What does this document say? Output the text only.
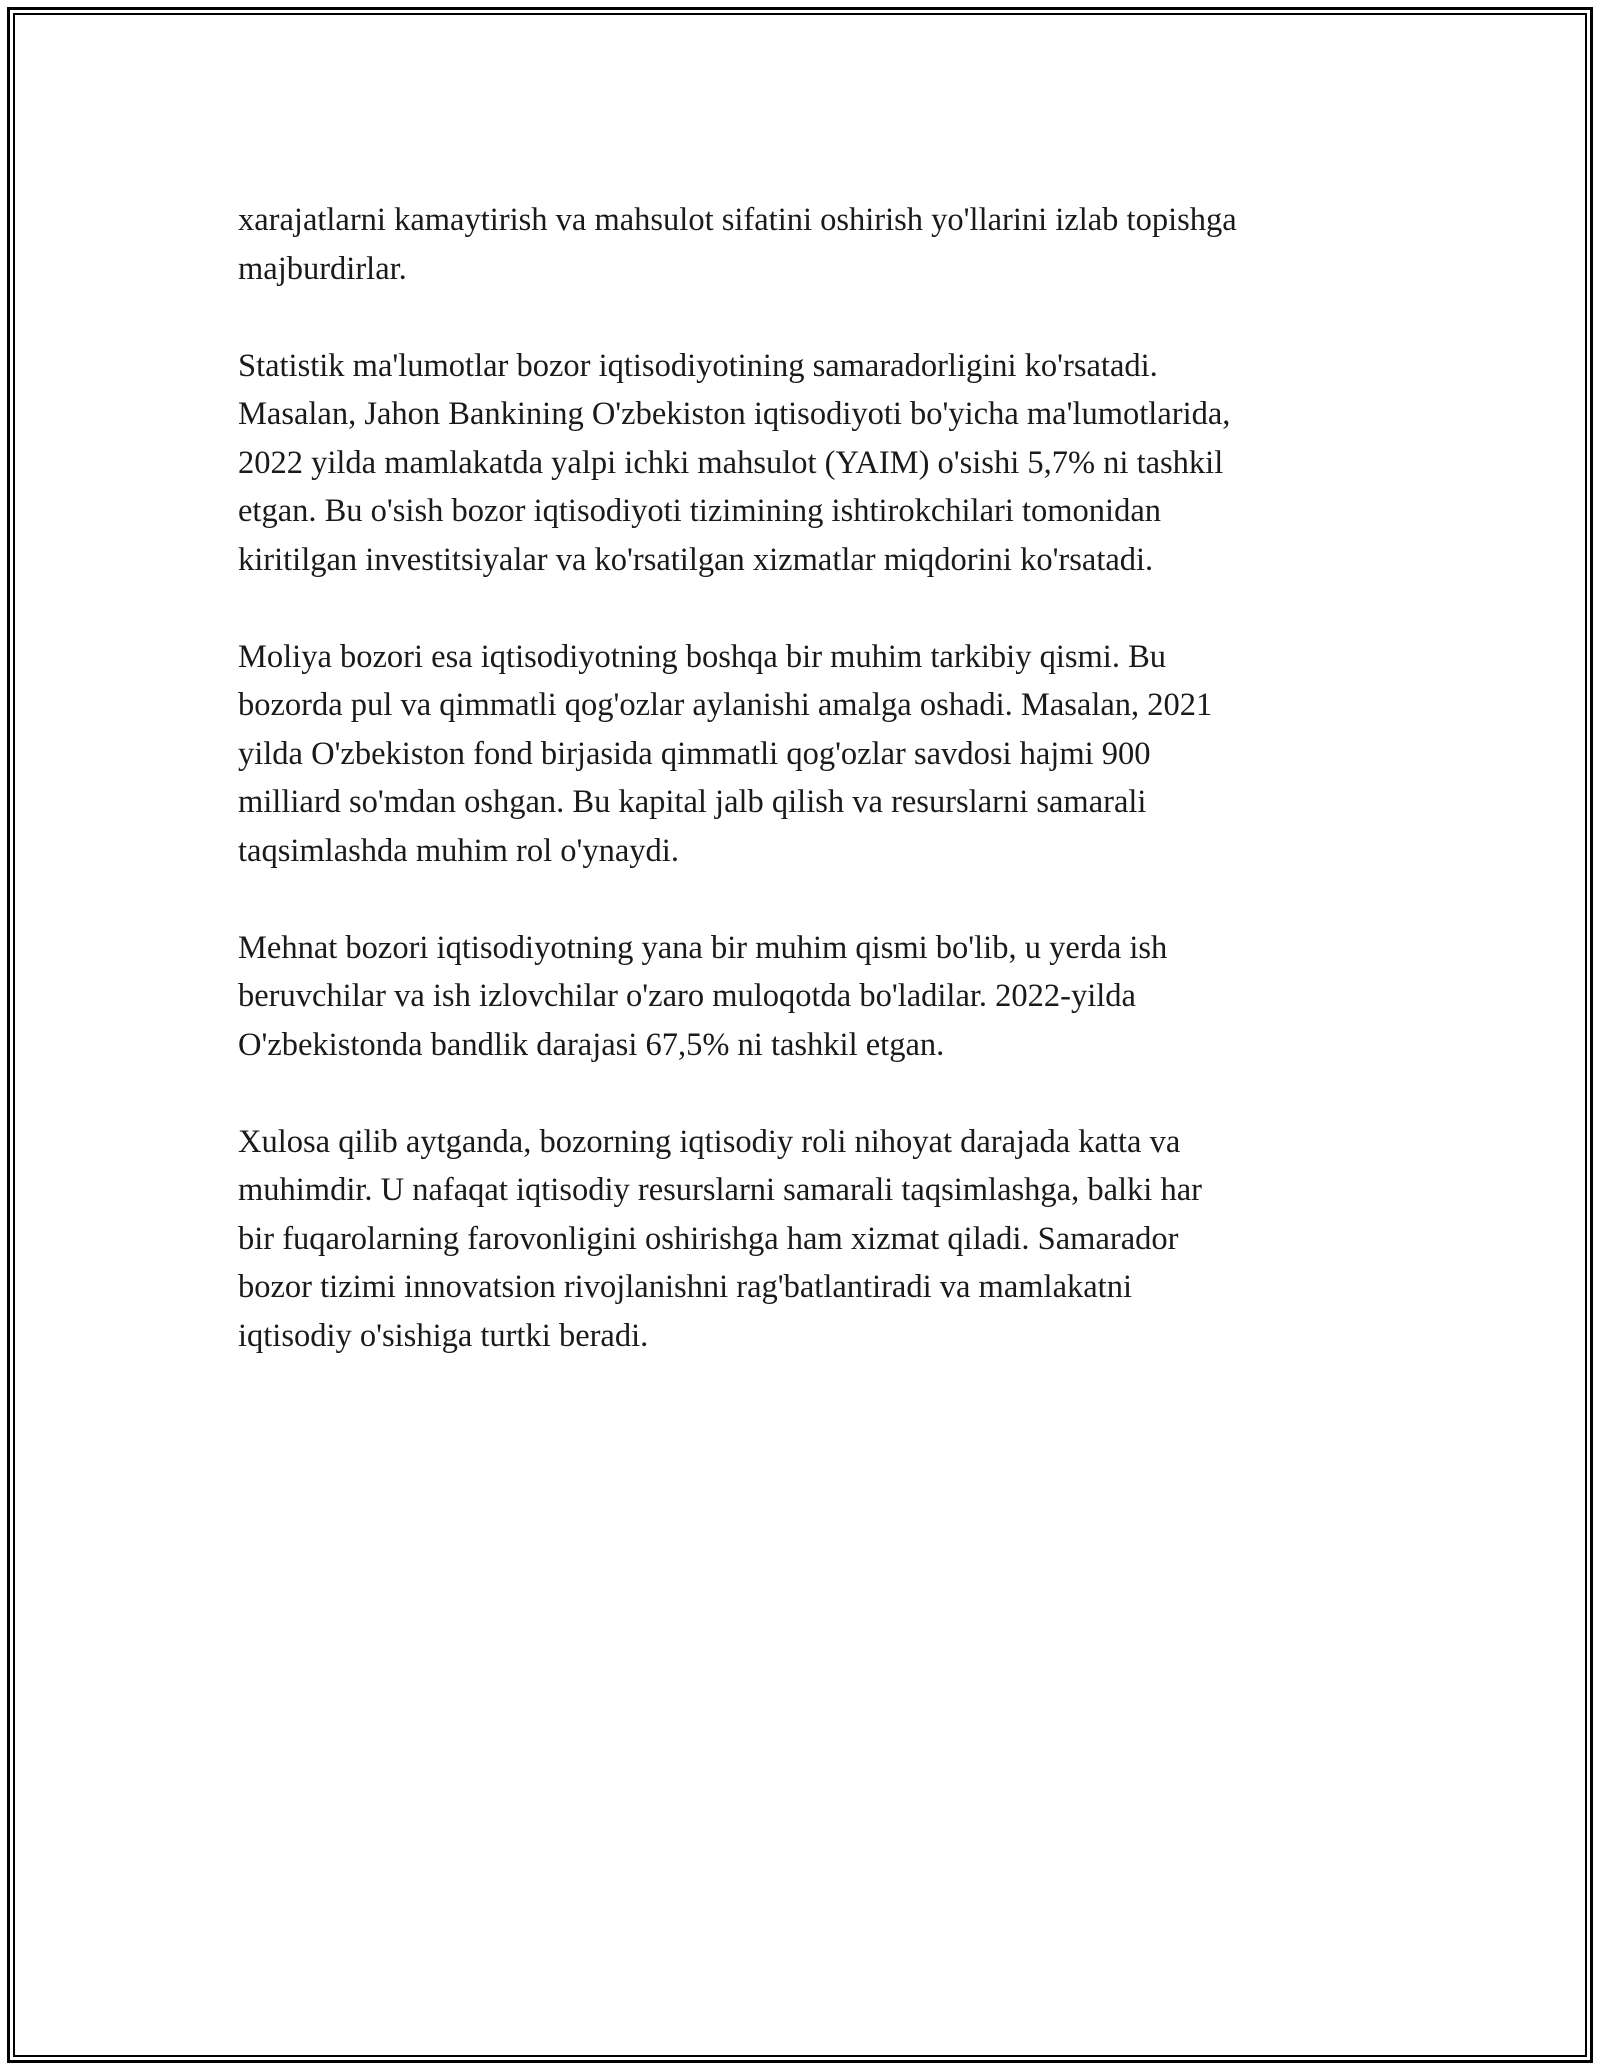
xarajatlarni kamaytirish va mahsulot sifatini oshirish yo'llarini izlab topishga
majburdirlar.

Statistik ma'lumotlar bozor iqtisodiyotining samaradorligini ko'rsatadi.
Masalan, Jahon Bankining O'zbekiston iqtisodiyoti bo'yicha ma'lumotlarida,
2022 yilda mamlakatda yalpi ichki mahsulot (YAIM) o'sishi 5,7% ni tashkil
etgan. Bu o'sish bozor iqtisodiyoti tizimining ishtirokchilari tomonidan
kiritilgan investitsiyalar va ko'rsatilgan xizmatlar miqdorini ko'rsatadi.

Moliya bozori esa iqtisodiyotning boshqa bir muhim tarkibiy qismi. Bu
bozorda pul va qimmatli qog'ozlar aylanishi amalga oshadi. Masalan, 2021
yilda O'zbekiston fond birjasida qimmatli qog'ozlar savdosi hajmi 900
milliard so'mdan oshgan. Bu kapital jalb qilish va resurslarni samarali
taqsimlashda muhim rol o'ynaydi.

Mehnat bozori iqtisodiyotning yana bir muhim qismi bo'lib, u yerda ish
beruvchilar va ish izlovchilar o'zaro muloqotda bo'ladilar. 2022-yilda
O'zbekistonda bandlik darajasi 67,5% ni tashkil etgan.

Xulosa qilib aytganda, bozorning iqtisodiy roli nihoyat darajada katta va
muhimdir. U nafaqat iqtisodiy resurslarni samarali taqsimlashga, balki har
bir fuqarolarning farovonligini oshirishga ham xizmat qiladi. Samarador
bozor tizimi innovatsion rivojlanishni rag'batlantiradi va mamlakatni
iqtisodiy o'sishiga turtki beradi.
